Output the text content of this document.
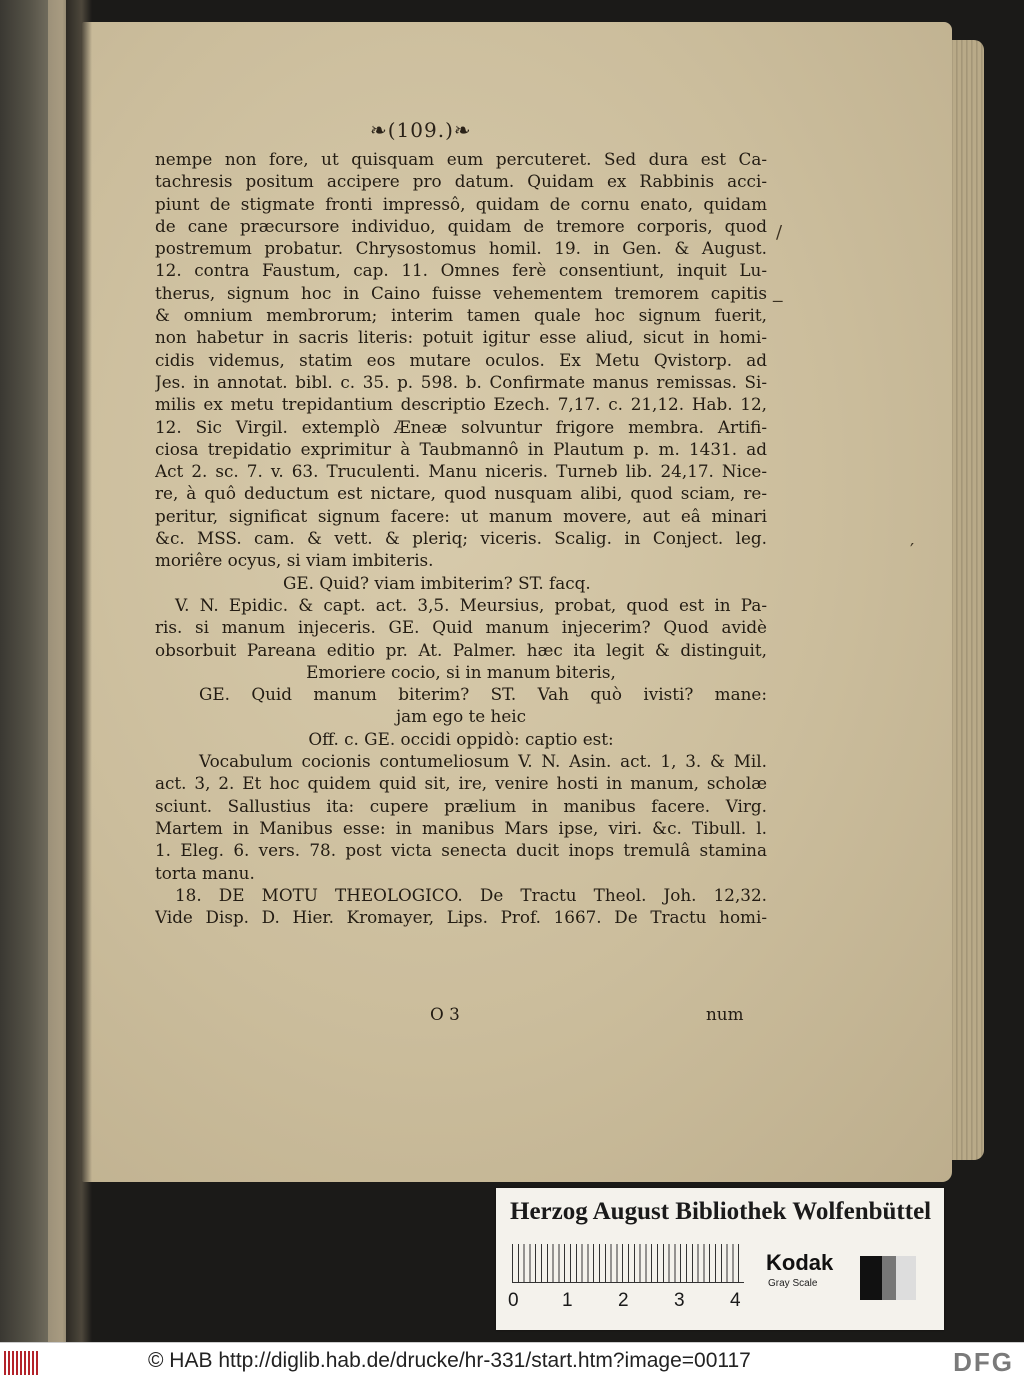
❧(109.)❧
nempe non fore, ut quisquam eum percuteret. Sed dura est Ca-
tachresis positum accipere pro datum. Quidam ex Rabbinis acci-
piunt de stigmate fronti impressô, quidam de cornu enato, quidam
de cane præcursore individuo, quidam de tremore corporis, quod
postremum probatur. Chrysostomus homil. 19. in Gen. & August.
12. contra Faustum, cap. 11. Omnes ferè consentiunt, inquit Lu-
therus, signum hoc in Caino fuisse vehementem tremorem capitis
& omnium membrorum; interim tamen quale hoc signum fuerit,
non habetur in sacris literis: potuit igitur esse aliud, sicut in homi-
cidis videmus, statim eos mutare oculos. Ex Metu Qvistorp. ad
Jes. in annotat. bibl. c. 35. p. 598. b. Confirmate manus remissas. Si-
milis ex metu trepidantium descriptio Ezech. 7,17. c. 21,12. Hab. 12,
12. Sic Virgil. extemplò Æneæ solvuntur frigore membra. Artifi-
ciosa trepidatio exprimitur à Taubmannô in Plautum p. m. 1431. ad
Act 2. sc. 7. v. 63. Truculenti. Manu niceris. Turneb lib. 24,17. Nice-
re, à quô deductum est nictare, quod nusquam alibi, quod sciam, re-
peritur, significat signum facere: ut manum movere, aut eâ minari
&c. MSS. cam. & vett. & pleriq; viceris. Scalig. in Conject. leg.
moriêre ocyus, si viam imbiteris.
GE. Quid? viam imbiterim? ST. facq.
V. N. Epidic. & capt. act. 3,5. Meursius, probat, quod est in Pa-
ris. si manum injeceris. GE. Quid manum injecerim? Quod avidè
obsorbuit Pareana editio pr. At. Palmer. hæc ita legit & distinguit,
Emoriere cocio, si in manum biteris,
GE. Quid manum biterim? ST. Vah quò ivisti? mane:
jam ego te heic
Off. c. GE. occidi oppidò: captio est:
Vocabulum cocionis contumeliosum V. N. Asin. act. 1, 3. & Mil.
act. 3, 2. Et hoc quidem quid sit, ire, venire hosti in manum, scholæ
sciunt. Sallustius ita: cupere prælium in manibus facere. Virg.
Martem in Manibus esse: in manibus Mars ipse, viri. &c. Tibull. l.
1. Eleg. 6. vers. 78. post victa senecta ducit inops tremulâ stamina
torta manu.
18. DE MOTU THEOLOGICO. De Tractu Theol. Joh. 12,32.
Vide Disp. D. Hier. Kromayer, Lips. Prof. 1667. De Tractu homi-
O 3	num
/
‒
′
Herzog August Bibliothek Wolfenbüttel
0 1 2 3 4
Kodak
Gray Scale
© HAB http://diglib.hab.de/drucke/hr-331/start.htm?image=00117	DFG
